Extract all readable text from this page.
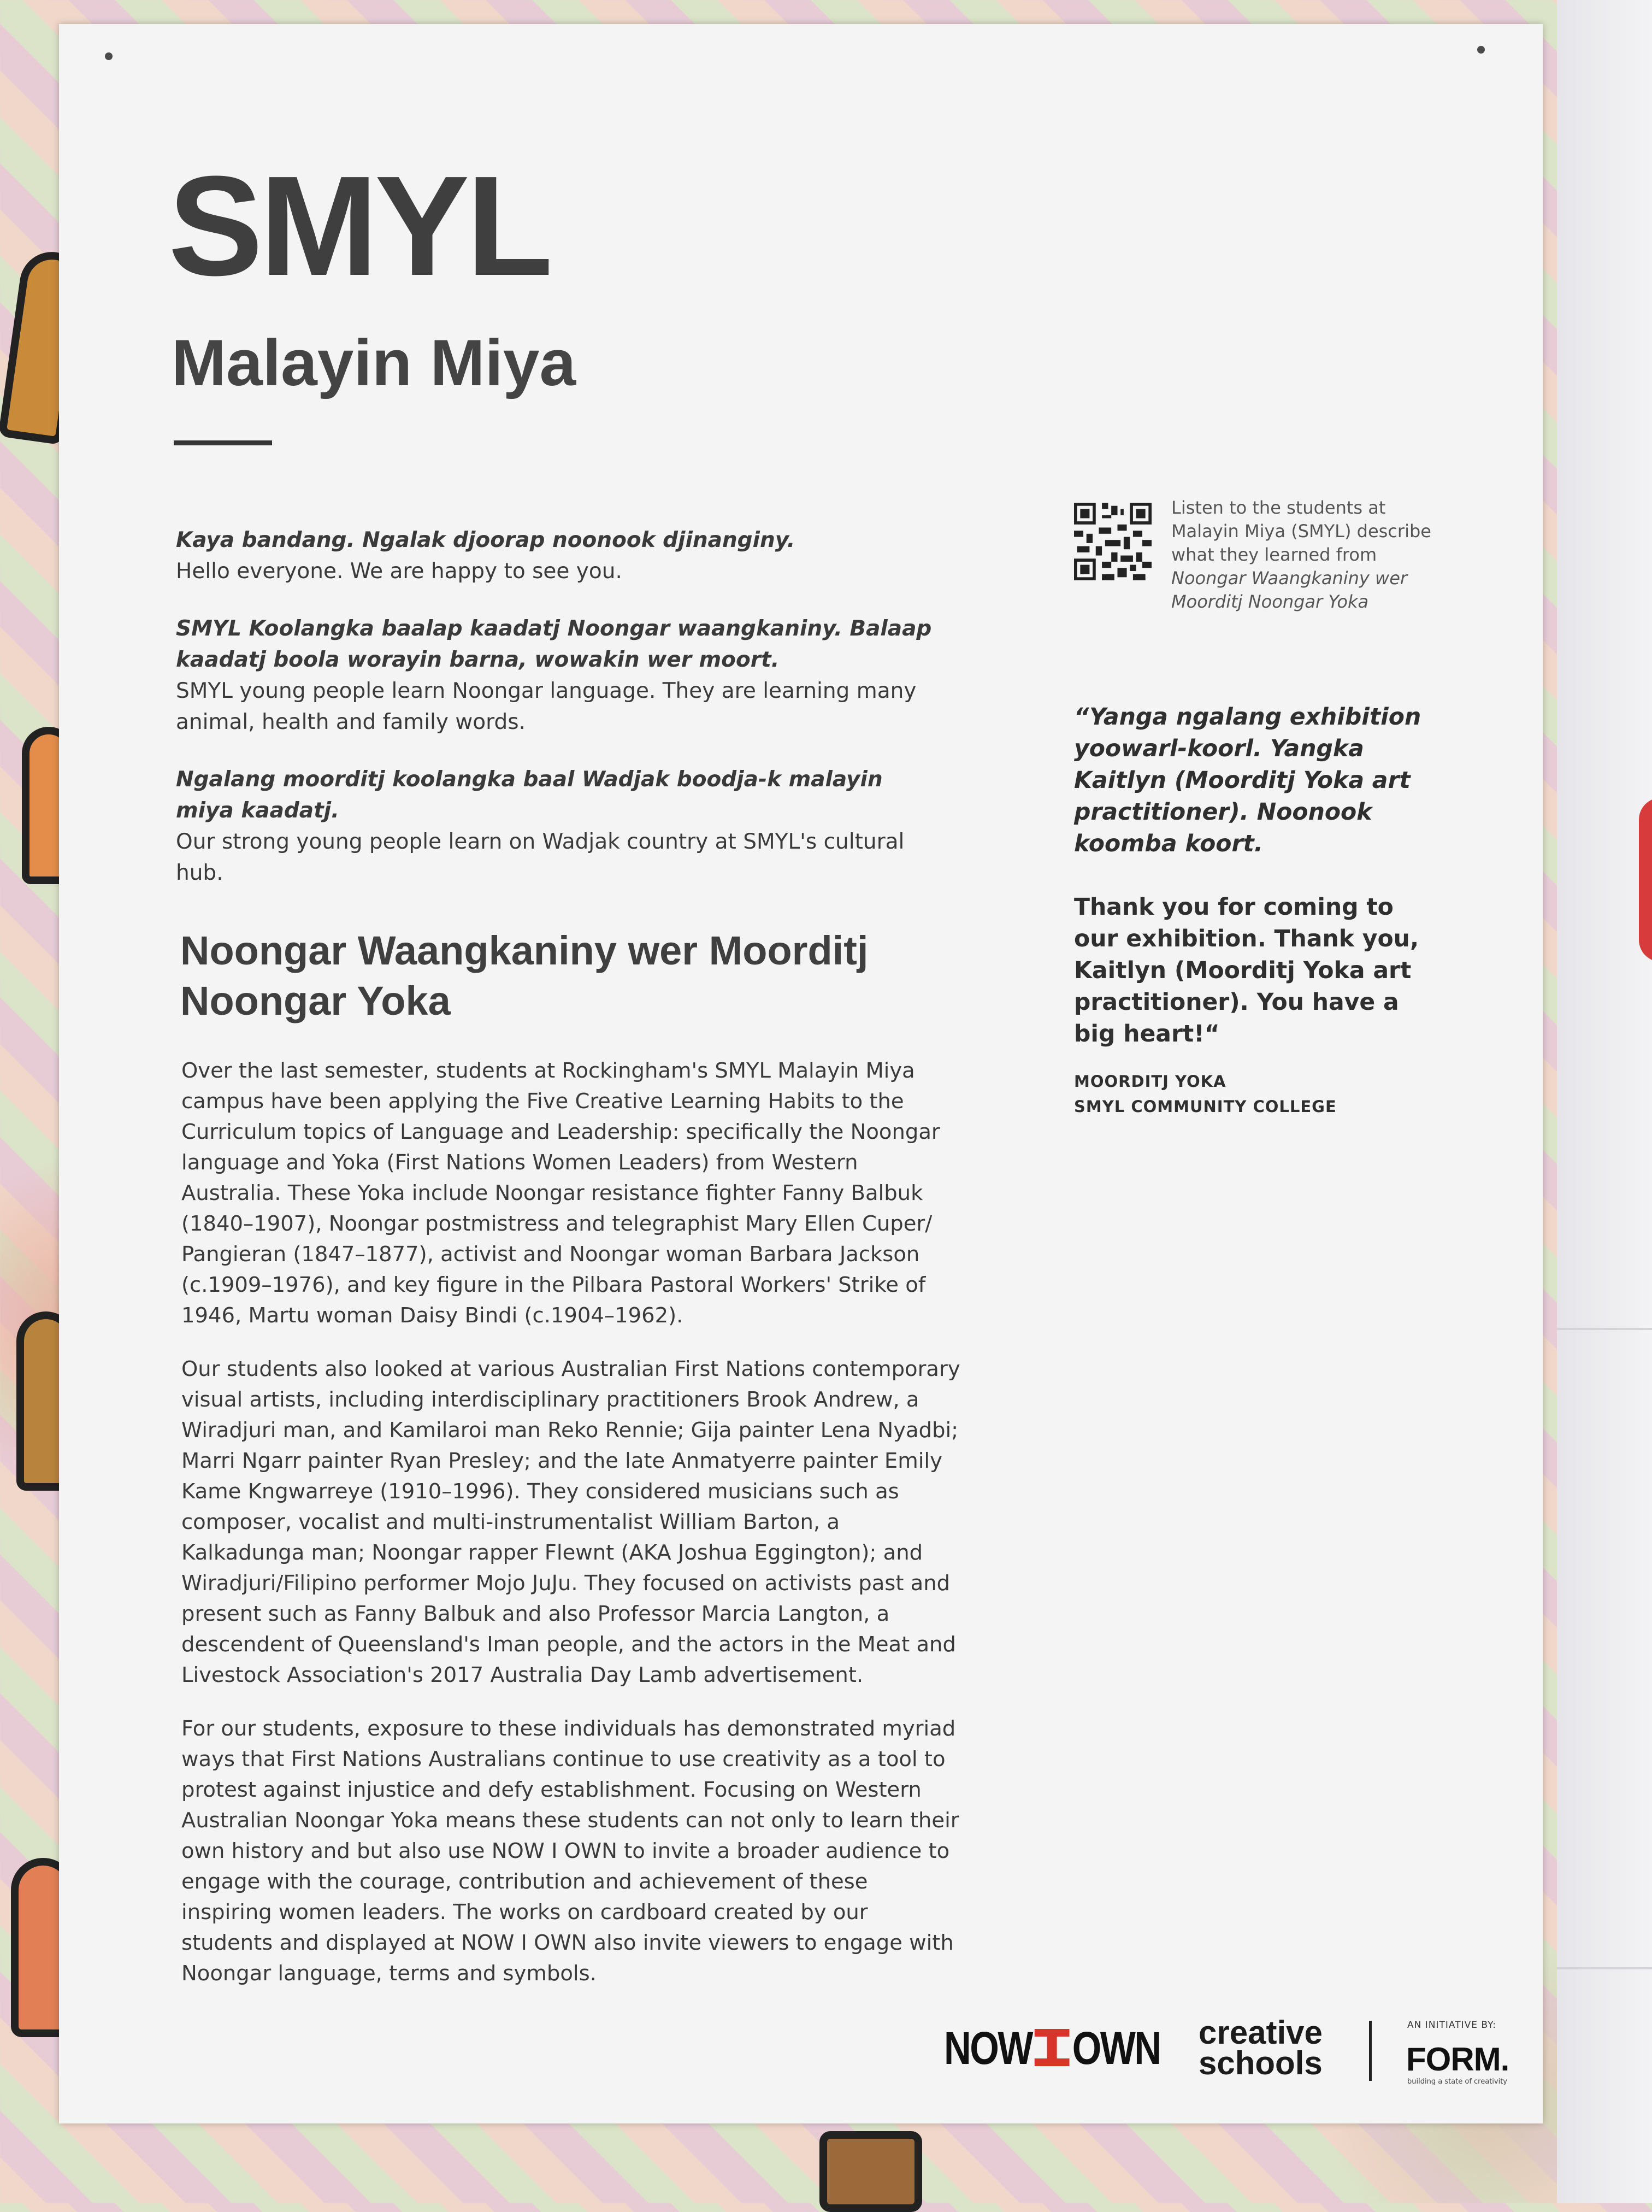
SMYL
Malayin Miya

Kaya bandang. Ngalak djoorap noonook djinanginy.
Hello everyone. We are happy to see you.

SMYL Koolangka baalap kaadatj Noongar waangkaniny. Balaap kaadatj boola worayin barna, wowakin wer moort.
SMYL young people learn Noongar language. They are learning many animal, health and family words.

Ngalang moorditj koolangka baal Wadjak boodja-k malayin miya kaadatj.
Our strong young people learn on Wadjak country at SMYL's cultural hub.

Noongar Waangkaniny wer Moorditj Noongar Yoka

Over the last semester, students at Rockingham's SMYL Malayin Miya campus have been applying the Five Creative Learning Habits to the Curriculum topics of Language and Leadership: specifically the Noongar language and Yoka (First Nations Women Leaders) from Western Australia. These Yoka include Noongar resistance fighter Fanny Balbuk (1840–1907), Noongar postmistress and telegraphist Mary Ellen Cuper/ Pangieran (1847–1877), activist and Noongar woman Barbara Jackson (c.1909–1976), and key figure in the Pilbara Pastoral Workers' Strike of 1946, Martu woman Daisy Bindi (c.1904–1962).

Our students also looked at various Australian First Nations contemporary visual artists, including interdisciplinary practitioners Brook Andrew, a Wiradjuri man, and Kamilaroi man Reko Rennie; Gija painter Lena Nyadbi; Marri Ngarr painter Ryan Presley; and the late Anmatyerre painter Emily Kame Kngwarreye (1910–1996). They considered musicians such as composer, vocalist and multi-instrumentalist William Barton, a Kalkadunga man; Noongar rapper Flewnt (AKA Joshua Eggington); and Wiradjuri/Filipino performer Mojo JuJu. They focused on activists past and present such as Fanny Balbuk and also Professor Marcia Langton, a descendent of Queensland's Iman people, and the actors in the Meat and Livestock Association's 2017 Australia Day Lamb advertisement.

For our students, exposure to these individuals has demonstrated myriad ways that First Nations Australians continue to use creativity as a tool to protest against injustice and defy establishment. Focusing on Western Australian Noongar Yoka means these students can not only to learn their own history and but also use NOW I OWN to invite a broader audience to engage with the courage, contribution and achievement of these inspiring women leaders. The works on cardboard created by our students and displayed at NOW I OWN also invite viewers to engage with Noongar language, terms and symbols.

Listen to the students at Malayin Miya (SMYL) describe what they learned from Noongar Waangkaniny wer Moorditj Noongar Yoka

“Yanga ngalang exhibition yoowarl-koorl. Yangka Kaitlyn (Moorditj Yoka art practitioner). Noonook koomba koort.

Thank you for coming to our exhibition. Thank you, Kaitlyn (Moorditj Yoka art practitioner). You have a big heart!“

MOORDITJ YOKA
SMYL COMMUNITY COLLEGE
NOW OWN creative
schools
AN INITIATIVE BY:
FORM.
building a state of creativity
